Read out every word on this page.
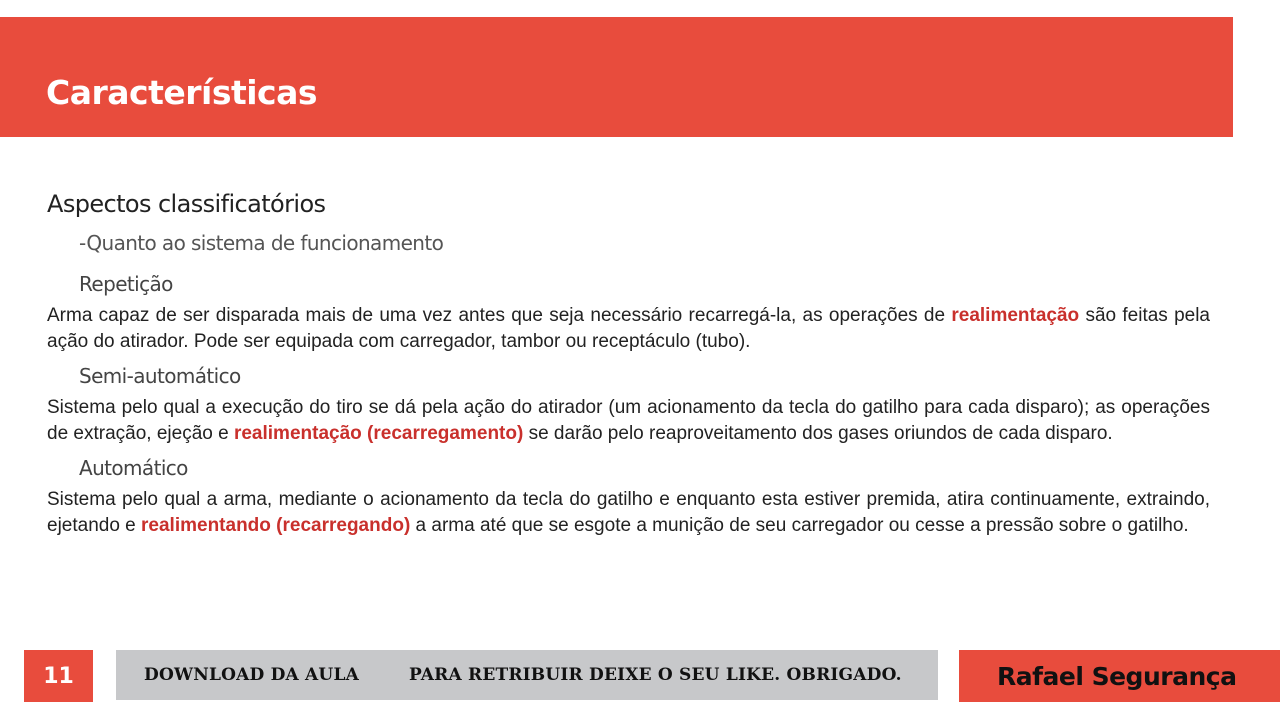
Características
Aspectos classificatórios
-Quanto ao sistema de funcionamento
Repetição

Arma capaz de ser disparada mais de uma vez antes que seja necessário recarregá-la, as operações de realimentação são feitas pela ação do atirador. Pode ser equipada com carregador, tambor ou receptáculo (tubo).

Semi-automático

Sistema pelo qual a execução do tiro se dá pela ação do atirador (um acionamento da tecla do gatilho para cada disparo); as operações de extração, ejeção e realimentação (recarregamento) se darão pelo reaproveitamento dos gases oriundos de cada disparo.

Automático

Sistema pelo qual a arma, mediante o acionamento da tecla do gatilho e enquanto esta estiver premida, atira continuamente, extraindo, ejetando e realimentando (recarregando) a arma até que se esgote a munição de seu carregador ou cesse a pressão sobre o gatilho.

11	DOWNLOAD DA AULA	PARA RETRIBUIR DEIXE O SEU LIKE. OBRIGADO.	Rafael Segurança
